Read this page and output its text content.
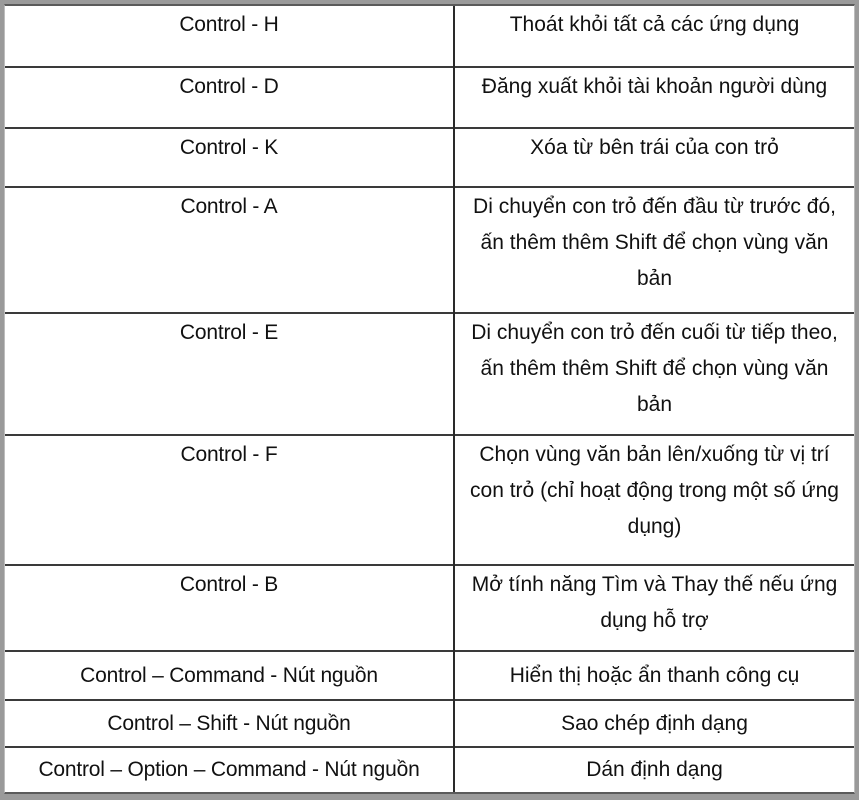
Control - H	Thoát khỏi tất cả các ứng dụng
Control - D	Đăng xuất khỏi tài khoản người dùng
Control - K	Xóa từ bên trái của con trỏ
Control - A	Di chuyển con trỏ đến đầu từ trước đó, ấn thêm thêm Shift để chọn vùng văn bản
Control - E	Di chuyển con trỏ đến cuối từ tiếp theo, ấn thêm thêm Shift để chọn vùng văn bản
Control - F	Chọn vùng văn bản lên/xuống từ vị trí con trỏ (chỉ hoạt động trong một số ứng dụng)
Control - B	Mở tính năng Tìm và Thay thế nếu ứng dụng hỗ trợ
Control – Command - Nút nguồn	Hiển thị hoặc ẩn thanh công cụ
Control – Shift - Nút nguồn	Sao chép định dạng
Control – Option – Command - Nút nguồn	Dán định dạng
